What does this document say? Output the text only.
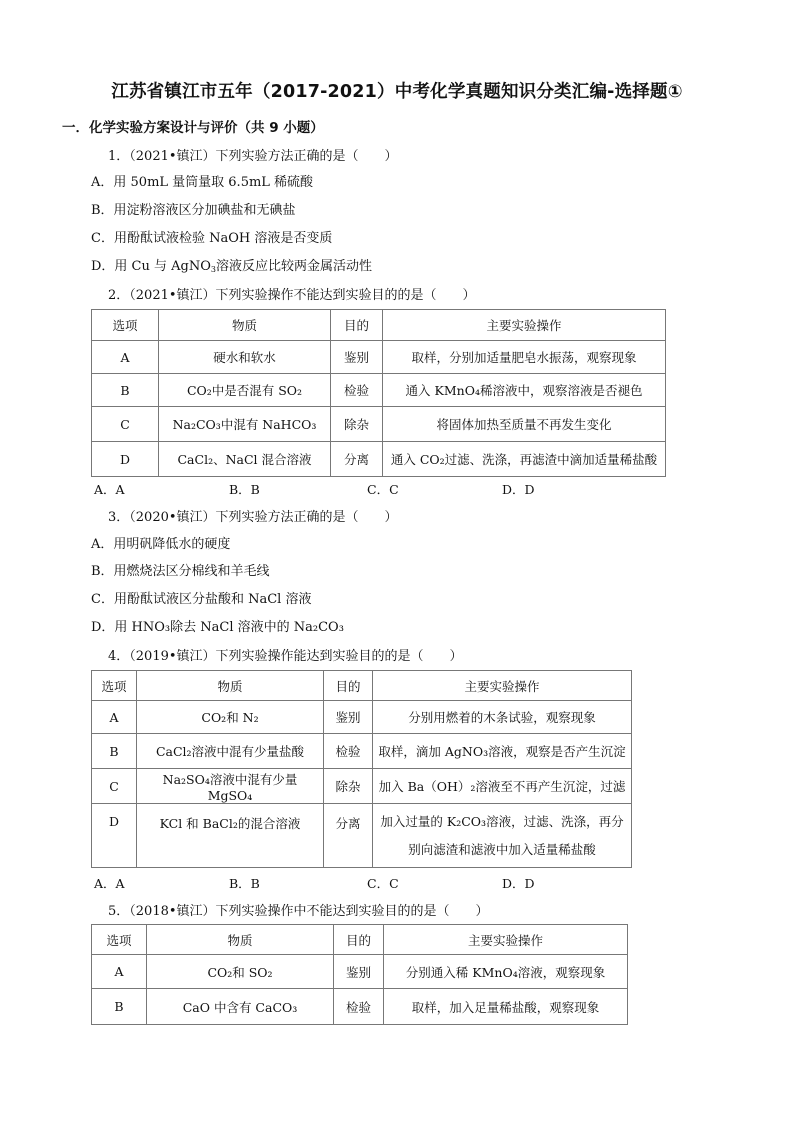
江苏省镇江市五年（2017-2021）中考化学真题知识分类汇编-选择题①
一．化学实验方案设计与评价（共 9 小题）
1．（2021•镇江）下列实验方法正确的是（　　）
A．用 50mL 量筒量取 6.5mL 稀硫酸
B．用淀粉溶液区分加碘盐和无碘盐
C．用酚酞试液检验 NaOH 溶液是否变质
D．用 Cu 与 AgNO$_3$溶液反应比较两金属活动性
2．（2021•镇江）下列实验操作不能达到实验目的的是（　　）
选项	物质	目的	主要实验操作
A	硬水和软水	鉴别	取样，分别加适量肥皂水振荡，观察现象
B	CO₂中是否混有 SO₂	检验	通入 KMnO₄稀溶液中，观察溶液是否褪色
C	Na₂CO₃中混有 NaHCO₃	除杂	将固体加热至质量不再发生变化
D	CaCl₂、NaCl 混合溶液	分离	通入 CO₂过滤、洗涤，再滤渣中滴加适量稀盐酸
A．A	B．B	C．C	D．D
3．（2020•镇江）下列实验方法正确的是（　　）
A．用明矾降低水的硬度
B．用燃烧法区分棉线和羊毛线
C．用酚酞试液区分盐酸和 NaCl 溶液
D．用 HNO₃除去 NaCl 溶液中的 Na₂CO₃
4．（2019•镇江）下列实验操作能达到实验目的的是（　　）
选项	物质	目的	主要实验操作
A	CO₂和 N₂	鉴别	分别用燃着的木条试验，观察现象
B	CaCl₂溶液中混有少量盐酸	检验	取样，滴加 AgNO₃溶液，观察是否产生沉淀
C	Na₂SO₄溶液中混有少量 MgSO₄	除杂	加入 Ba（OH）₂溶液至不再产生沉淀，过滤
D	KCl 和 BaCl₂的混合溶液	分离	加入过量的 K₂CO₃溶液，过滤、洗涤，再分
别向滤渣和滤液中加入适量稀盐酸
A．A	B．B	C．C	D．D
5．（2018•镇江）下列实验操作中不能达到实验目的的是（　　）
选项	物质	目的	主要实验操作
A	CO₂和 SO₂	鉴别	分别通入稀 KMnO₄溶液，观察现象
B	CaO 中含有 CaCO₃	检验	取样，加入足量稀盐酸，观察现象
